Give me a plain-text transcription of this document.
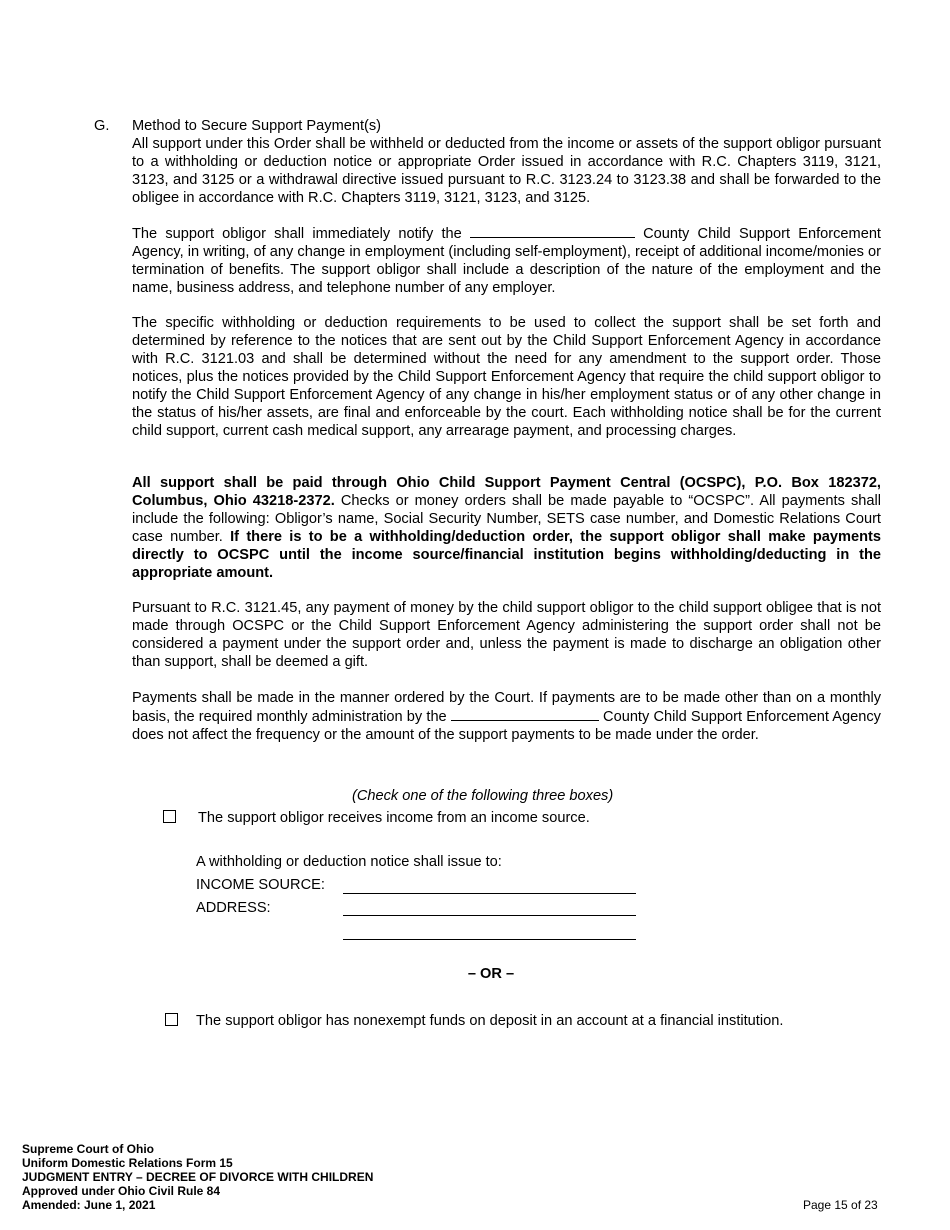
G. Method to Secure Support Payment(s)

All support under this Order shall be withheld or deducted from the income or assets of the support obligor pursuant to a withholding or deduction notice or appropriate Order issued in accordance with R.C. Chapters 3119, 3121, 3123, and 3125 or a withdrawal directive issued pursuant to R.C. 3123.24 to 3123.38 and shall be forwarded to the obligee in accordance with R.C. Chapters 3119, 3121, 3123, and 3125.

The support obligor shall immediately notify the	County Child Support Enforcement Agency, in writing, of any change in employment (including self-employment), receipt of additional income/monies or termination of benefits. The support obligor shall include a description of the nature of the employment and the name, business address, and telephone number of any employer.

The specific withholding or deduction requirements to be used to collect the support shall be set forth and determined by reference to the notices that are sent out by the Child Support Enforcement Agency in accordance with R.C. 3121.03 and shall be determined without the need for any amendment to the support order. Those notices, plus the notices provided by the Child Support Enforcement Agency that require the child support obligor to notify the Child Support Enforcement Agency of any change in his/her employment status or of any other change in the status of his/her assets, are final and enforceable by the court. Each withholding notice shall be for the current child support, current cash medical support, any arrearage payment, and processing charges.

All support shall be paid through Ohio Child Support Payment Central (OCSPC), P.O. Box 182372, Columbus, Ohio 43218-2372. Checks or money orders shall be made payable to “OCSPC”. All payments shall include the following: Obligor’s name, Social Security Number, SETS case number, and Domestic Relations Court case number. If there is to be a withholding/deduction order, the support obligor shall make payments directly to OCSPC until the income source/financial institution begins withholding/deducting in the appropriate amount.

Pursuant to R.C. 3121.45, any payment of money by the child support obligor to the child support obligee that is not made through OCSPC or the Child Support Enforcement Agency administering the support order shall not be considered a payment under the support order and, unless the payment is made to discharge an obligation other than support, shall be deemed a gift.

Payments shall be made in the manner ordered by the Court. If payments are to be made other than on a monthly basis, the required monthly administration by the	County Child Support Enforcement Agency does not affect the frequency or the amount of the support payments to be made under the order.

(Check one of the following three boxes)
The support obligor receives income from an income source.
A withholding or deduction notice shall issue to:
INCOME SOURCE:
ADDRESS:
– OR –
The support obligor has nonexempt funds on deposit in an account at a financial institution.
Supreme Court of Ohio
Uniform Domestic Relations Form 15
JUDGMENT ENTRY – DECREE OF DIVORCE WITH CHILDREN
Approved under Ohio Civil Rule 84
Amended: June 1, 2021	Page 15 of 23
